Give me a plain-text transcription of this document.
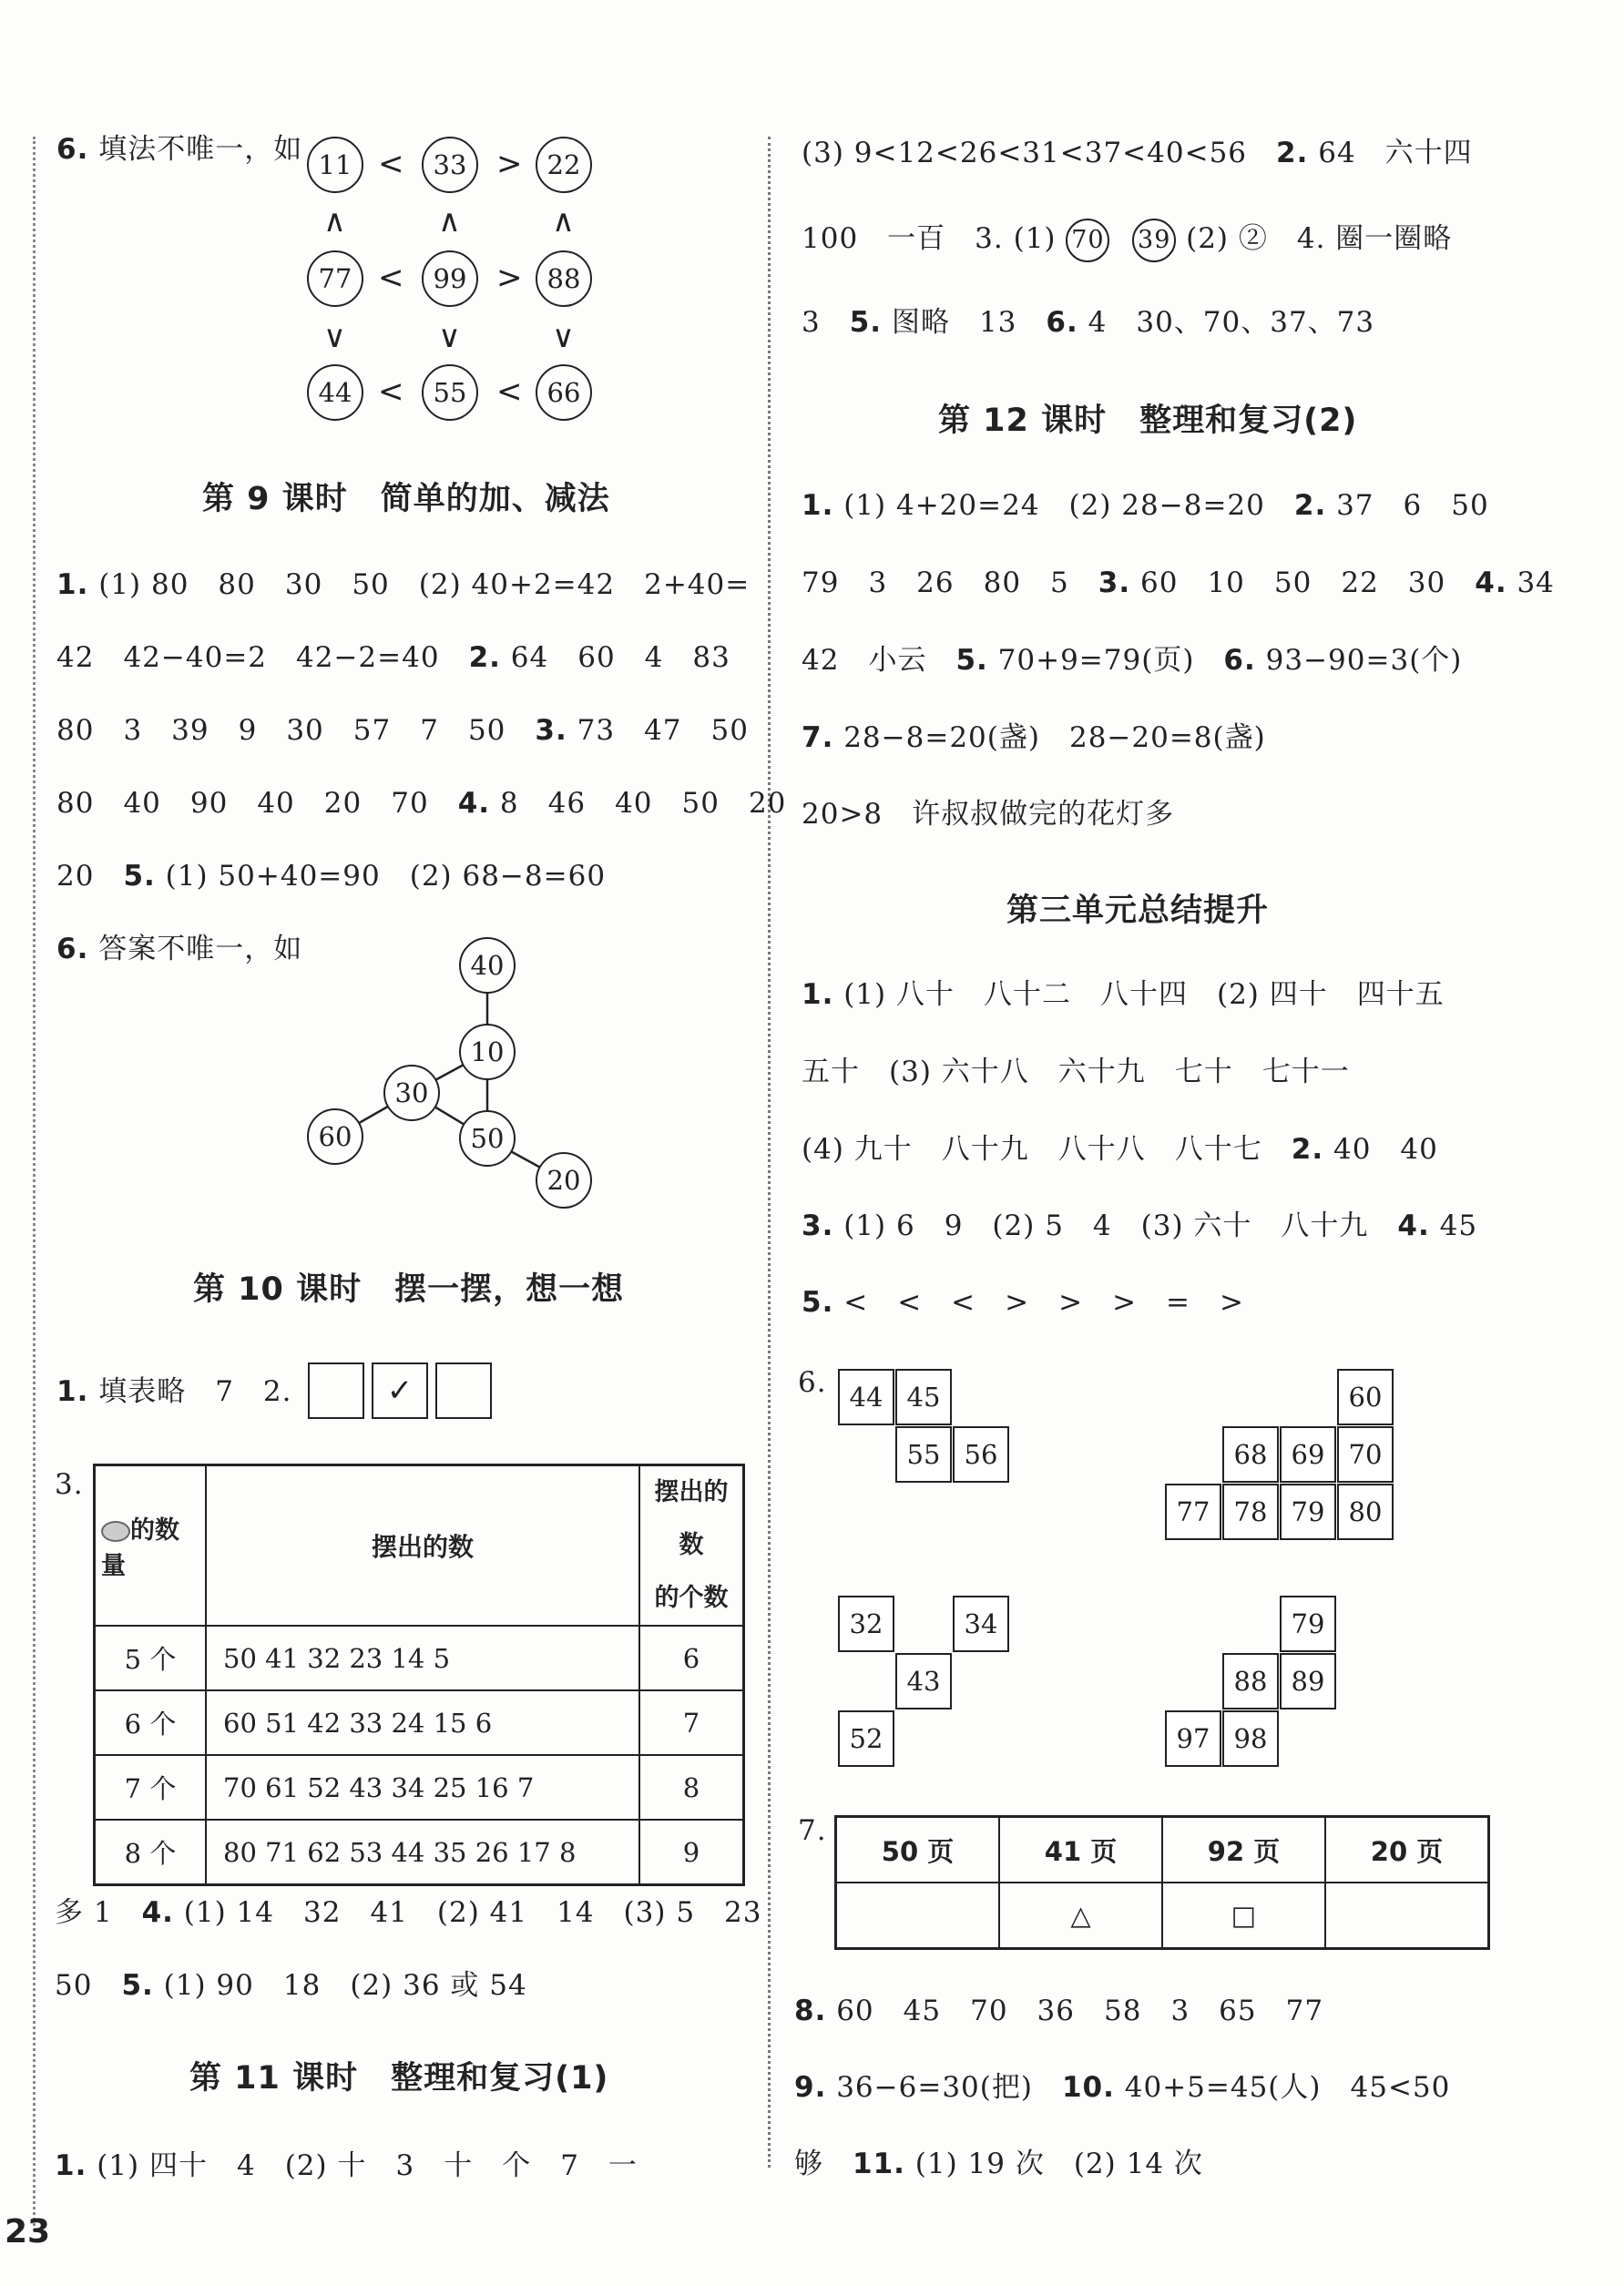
6. 填法不唯一，如 11 <	33 > 22
∧	∧	∧
77 <	99 > 88
∨	∨	∨
44 <	55 < 66
第 9 课时　简单的加、减法
1. (1) 80　80　30　50　(2) 40+2=42　2+40=
42　42−40=2　42−2=40　2. 64　60　4　83
80　3　39　9　30　57　7　50　3. 73　47　50
80　40　90　40　20　70　4. 8　46　40　50　20
20　5. (1) 50+40=90　(2) 68−8=60
6. 答案不唯一，如	40
10
30
50
60
20
第 10 课时　摆一摆，想一想
1. 填表略　7　2.	✓
3.
的数量	摆出的数	摆出的数
的个数

5 个	50 41 32 23 14 5	6
6 个	60 51 42 33 24 15 6	7
7 个	70 61 52 43 34 25 16 7	8
8 个	80 71 62 53 44 35 26 17 8	9
多 1　4. (1) 14　32　41　(2) 41　14　(3) 5　23
50　5. (1) 90　18　(2) 36 或 54
第 11 课时　整理和复习(1)
1. (1) 四十　4　(2) 十　3　十　个　7　一
(3) 9<12<26<31<37<40<56　2. 64　六十四
100　一百　3. (1) 70 39 (2) ②　4. 圈一圈略
3　5. 图略　13　6. 4　30、70、37、73
第 12 课时　整理和复习(2)
1. (1) 4+20=24　(2) 28−8=20　2. 37　6　50
79　3　26　80　5　3. 60　10　50　22　30　4. 34
42　小云　5. 70+9=79(页)　6. 93−90=3(个)
7. 28−8=20(盏)　28−20=8(盏)
20>8　许叔叔做完的花灯多
第三单元总结提升
1. (1) 八十　八十二　八十四　(2) 四十　四十五
五十　(3) 六十八　六十九　七十　七十一
(4) 九十　八十九　八十八　八十七　2. 40　40
3. (1) 6　9　(2) 5　4　(3) 六十　八十九　4. 45
5. <　<　<　>　>　>　=　>
6. 44 45
55 56
60
68 69 70
77 78 79 80
32	34
43
52
79
88 89
97 98
7.
50 页	41 页	92 页	20 页
	△	□	
8. 60　45　70　36　58　3　65　77
9. 36−6=30(把)　10. 40+5=45(人)　45<50
够　11. (1) 19 次　(2) 14 次
23
